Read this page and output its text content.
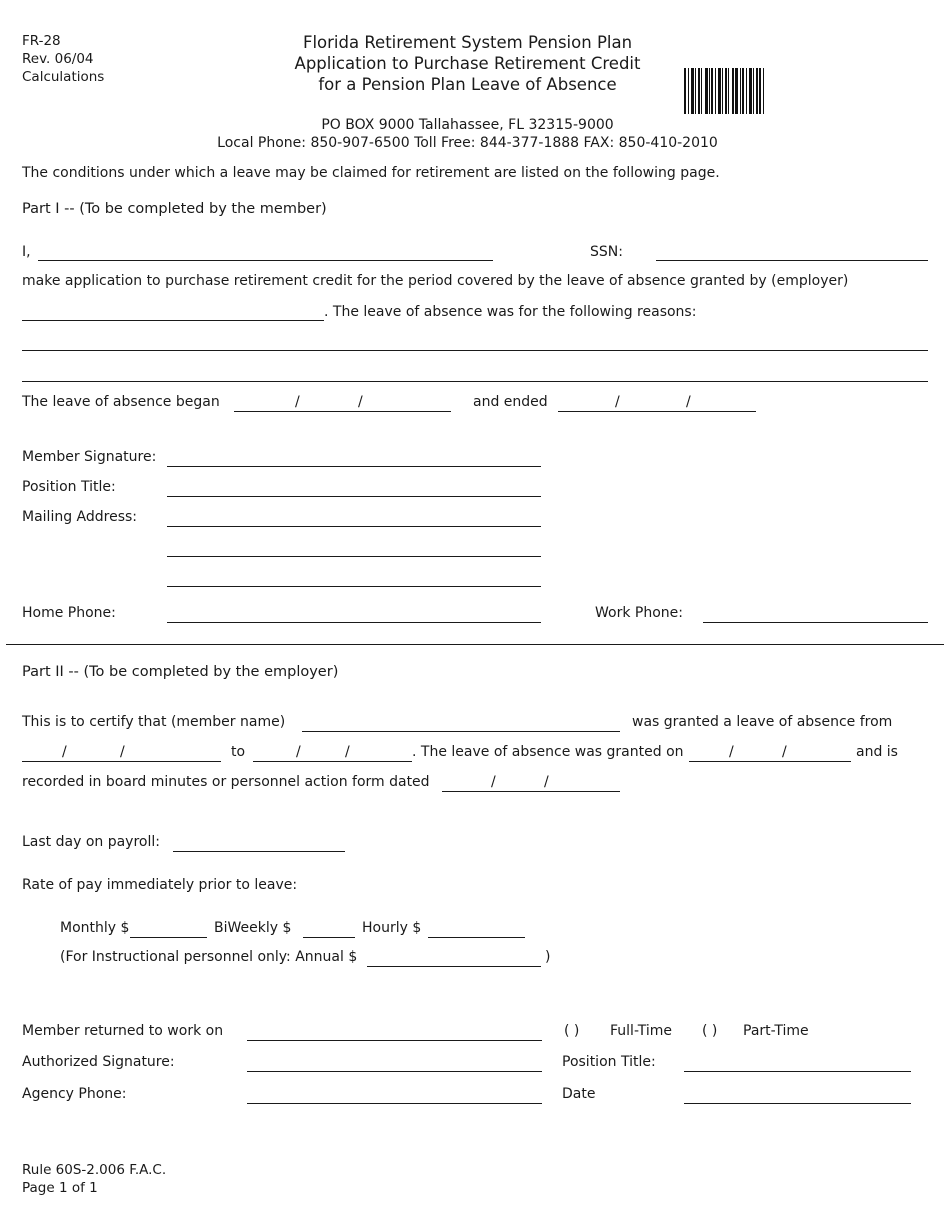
FR-28
Rev. 06/04
Calculations
Florida Retirement System Pension Plan
Application to Purchase Retirement Credit
for a Pension Plan Leave of Absence
PO BOX 9000 Tallahassee, FL 32315-9000
Local Phone: 850-907-6500 Toll Free: 844-377-1888 FAX: 850-410-2010
The conditions under which a leave may be claimed for retirement are listed on the following page.
Part I -- (To be completed by the member)
I,	SSN:
make application to purchase retirement credit for the period covered by the leave of absence granted by (employer)
. The leave of absence was for the following reasons:
The leave of absence began	/	/	and ended	/	/
Member Signature:
Position Title:
Mailing Address:
Home Phone:	Work Phone:
Part II -- (To be completed by the employer)
This is to certify that (member name)	was granted a leave of absence from
/	/	to	/	/	. The leave of absence was granted on	/	/	and is
recorded in board minutes or personnel action form dated	/	/
Last day on payroll:
Rate of pay immediately prior to leave:
Monthly $	BiWeekly $	Hourly $
(For Instructional personnel only: Annual $	)
Member returned to work on	( ) Full-Time ( ) Part-Time
Authorized Signature:	Position Title:
Agency Phone:	Date
Rule 60S-2.006 F.A.C.
Page 1 of 1
